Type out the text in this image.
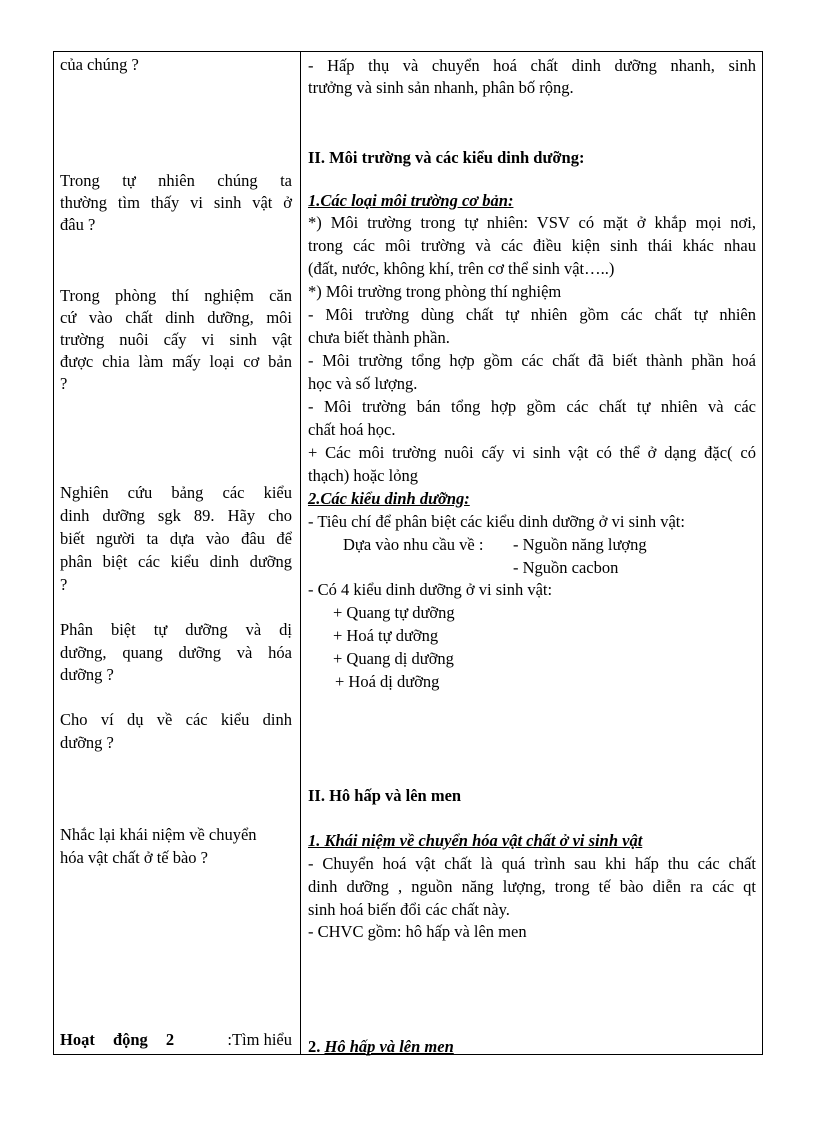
của chúng ?
Trong tự nhiên chúng ta
thường tìm thấy vi sinh vật ở
đâu ?
Trong phòng thí nghiệm căn
cứ vào chất dinh dưỡng, môi
trường nuôi cấy vi sinh vật
được chia làm mấy loại cơ bản
?
Nghiên cứu bảng các kiểu
dinh dưỡng sgk 89. Hãy cho
biết người ta dựa vào đâu để
phân biệt các kiểu dinh dưỡng
?
Phân biệt tự dưỡng và dị
dưỡng, quang dưỡng và hóa
dưỡng ?
Cho ví dụ về các kiểu dinh
dưỡng ?
Nhắc lại khái niệm về chuyển
hóa vật chất ở tế bào ?
Hoạt động 2	:Tìm hiểu
- Hấp thụ và chuyển hoá chất dinh dưỡng nhanh, sinh
trưởng và sinh sản nhanh, phân bố rộng.
II. Môi trường và các kiểu dinh dưỡng:
1.Các loại môi trường cơ bản:
*) Môi trường trong tự nhiên: VSV có mặt ở khắp mọi nơi,
trong các môi trường và các điều kiện sinh thái khác nhau
(đất, nước, không khí, trên cơ thể sinh vật…..)
*) Môi trường trong phòng thí nghiệm
- Môi trường dùng chất tự nhiên gồm các chất tự nhiên
chưa biết thành phần.
- Môi trường tổng hợp gồm các chất đã biết thành phần hoá
học và số lượng.
- Môi trường bán tổng hợp gồm các chất tự nhiên và các
chất hoá học.
+ Các môi trường nuôi cấy vi sinh vật có thể ở dạng đặc( có
thạch) hoặc lỏng
2.Các kiểu dinh dưỡng:
- Tiêu chí để phân biệt các kiểu dinh dưỡng ở vi sinh vật:
Dựa vào nhu cầu về : - Nguồn năng lượng
- Nguồn cacbon
- Có 4 kiểu dinh dưỡng ở vi sinh vật:
+ Quang tự dưỡng
+ Hoá tự dưỡng
+ Quang dị dưỡng
+ Hoá dị dưỡng
II. Hô hấp và lên men
1. Khái niệm về chuyển hóa vật chất ở vi sinh vật
- Chuyển hoá vật chất là quá trình sau khi hấp thu các chất
dinh dưỡng , nguồn năng lượng, trong tế bào diễn ra các qt
sinh hoá biến đổi các chất này.
- CHVC gồm: hô hấp và lên men
2. Hô hấp và lên men
